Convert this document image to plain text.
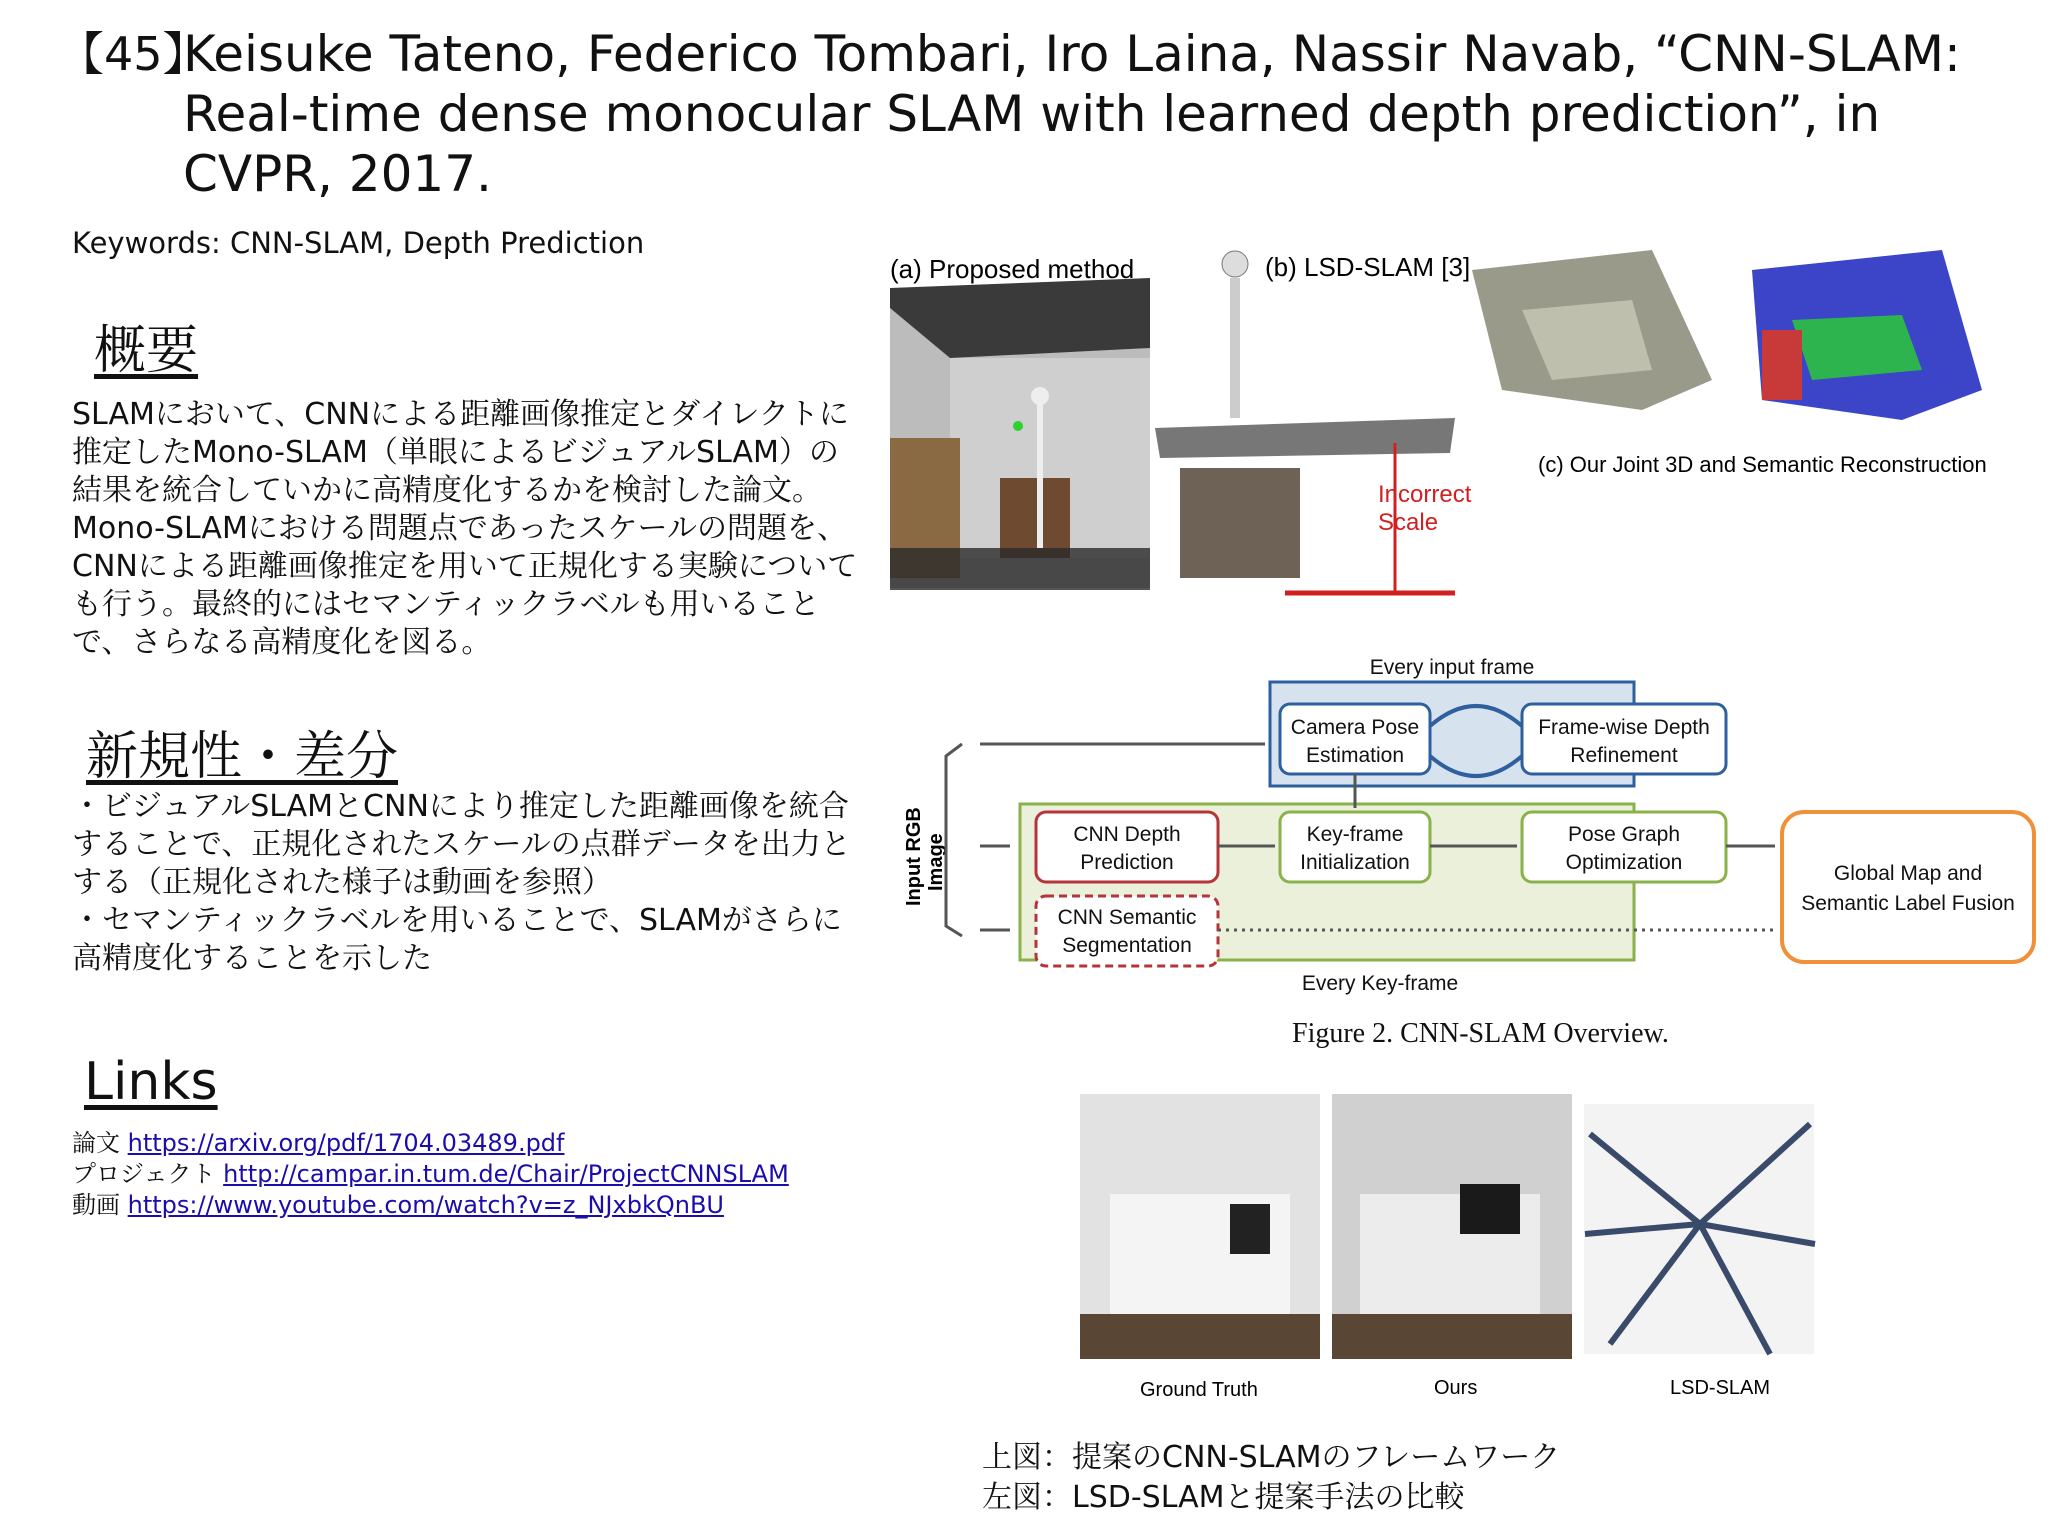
【45】
Keisuke Tateno, Federico Tombari, Iro Laina, Nassir Navab, “CNN-SLAM: Real-time dense monocular SLAM with learned depth prediction”, in CVPR, 2017.
Keywords: CNN-SLAM, Depth Prediction
概要
SLAMにおいて、CNNによる距離画像推定とダイレクトに
推定したMono-SLAM（単眼によるビジュアルSLAM）の
結果を統合していかに高精度化するかを検討した論文。
Mono-SLAMにおける問題点であったスケールの問題を、
CNNによる距離画像推定を用いて正規化する実験について
も行う。最終的にはセマンティックラベルも用いること
で、さらなる高精度化を図る。
新規性・差分
・ビジュアルSLAMとCNNにより推定した距離画像を統合
することで、正規化されたスケールの点群データを出力と
する（正規化された様子は動画を参照）
・セマンティックラベルを用いることで、SLAMがさらに
高精度化することを示した
Links
論文 https://arxiv.org/pdf/1704.03489.pdf
プロジェクト http://campar.in.tum.de/Chair/ProjectCNNSLAM
動画 https://www.youtube.com/watch?v=z_NJxbkQnBU
(a) Proposed method
Incorrect
Scale
(b) LSD-SLAM [3]
(c) Our Joint 3D and Semantic Reconstruction
Every input frame
Every Key-frame
Input RGB Image
Camera Pose
Estimation
Frame-wise Depth
Refinement
CNN Depth
Prediction
Key-frame
Initialization
Pose Graph
Optimization
CNN Semantic
Segmentation
Global Map and
Semantic Label Fusion
Figure 2. CNN-SLAM Overview.
Ground Truth	Ours	LSD-SLAM
上図：提案のCNN-SLAMのフレームワーク
左図：LSD-SLAMと提案手法の比較
